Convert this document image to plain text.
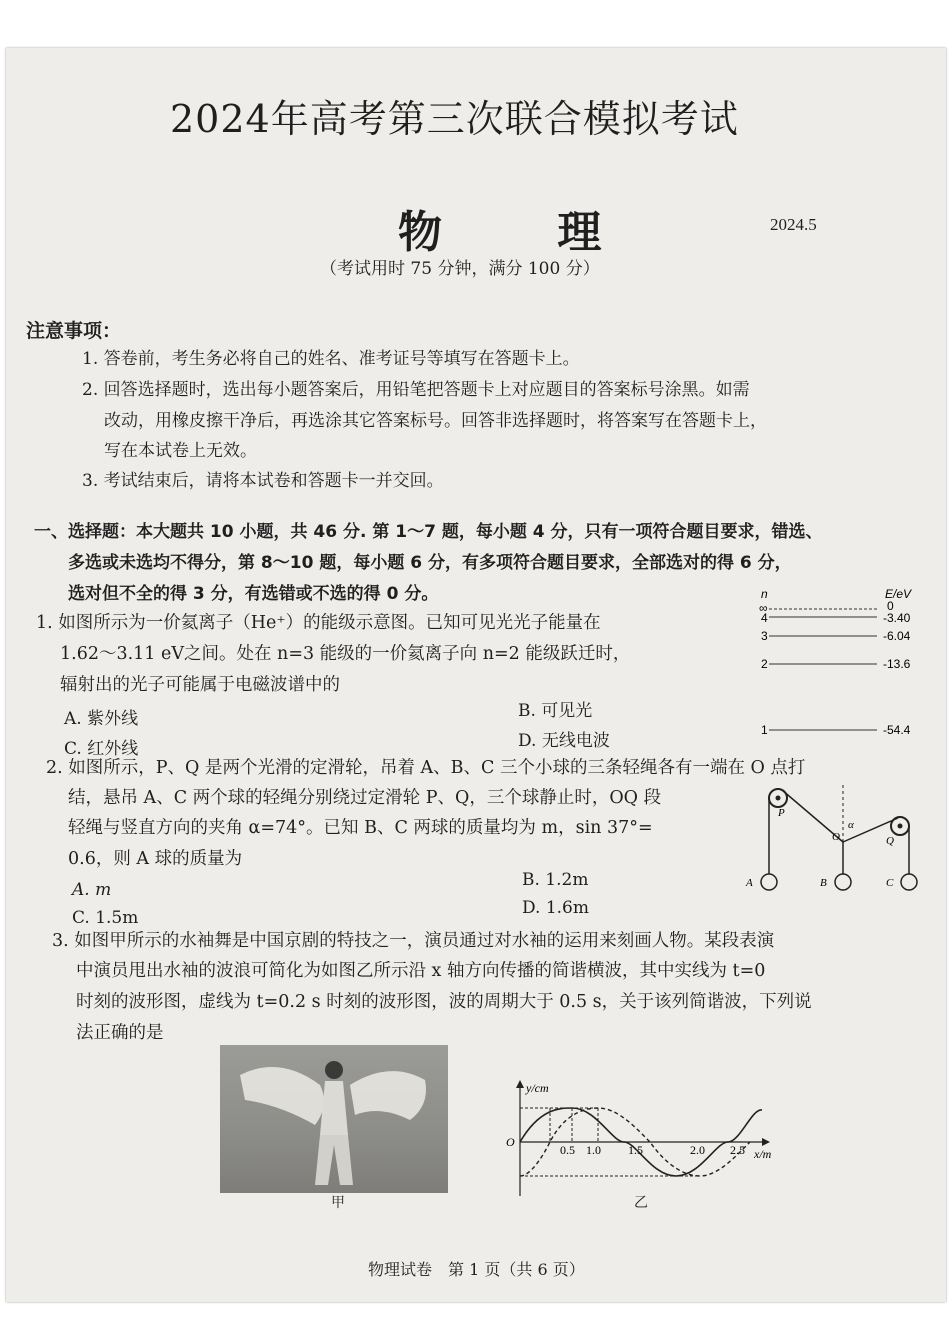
2024年高考第三次联合模拟考试
物 理	2024.5
（考试用时 75 分钟，满分 100 分）
注意事项：
1. 答卷前，考生务必将自己的姓名、准考证号等填写在答题卡上。
2. 回答选择题时，选出每小题答案后，用铅笔把答题卡上对应题目的答案标号涂黑。如需
改动，用橡皮擦干净后，再选涂其它答案标号。回答非选择题时，将答案写在答题卡上，
写在本试卷上无效。
3. 考试结束后，请将本试卷和答题卡一并交回。
一、选择题：本大题共 10 小题，共 46 分. 第 1～7 题，每小题 4 分，只有一项符合题目要求，错选、
多选或未选均不得分，第 8～10 题，每小题 6 分，有多项符合题目要求，全部选对的得 6 分，
选对但不全的得 3 分，有选错或不选的得 0 分。
1. 如图所示为一价氦离子（He⁺）的能级示意图。已知可见光光子能量在
1.62～3.11 eV之间。处在 n=3 能级的一价氦离子向 n=2 能级跃迁时，
辐射出的光子可能属于电磁波谱中的
A. 紫外线	B. 可见光
C. 红外线	D. 无线电波
n	E/eV
∞	0
4	-3.40
3	-6.04
2	-13.6
1	-54.4
2. 如图所示，P、Q 是两个光滑的定滑轮，吊着 A、B、C 三个小球的三条轻绳各有一端在 O 点打
结，悬吊 A、C 两个球的轻绳分别绕过定滑轮 P、Q，三个球静止时，OQ 段
轻绳与竖直方向的夹角 α=74°。已知 B、C 两球的质量均为 m，sin 37°=
0.6，则 A 球的质量为
A. m	B. 1.2m
C. 1.5m	D. 1.6m
P
Q
O
α
A	B	C
3. 如图甲所示的水袖舞是中国京剧的特技之一，演员通过对水袖的运用来刻画人物。某段表演
中演员甩出水袖的波浪可简化为如图乙所示沿 x 轴方向传播的简谐横波，其中实线为 t=0
时刻的波形图，虚线为 t=0.2 s 时刻的波形图，波的周期大于 0.5 s，关于该列简谐波，下列说
法正确的是
甲
y/cm
x/m
O
0.5 1.0 1.5	2.0 2.5
乙
物理试卷　第 1 页（共 6 页）
